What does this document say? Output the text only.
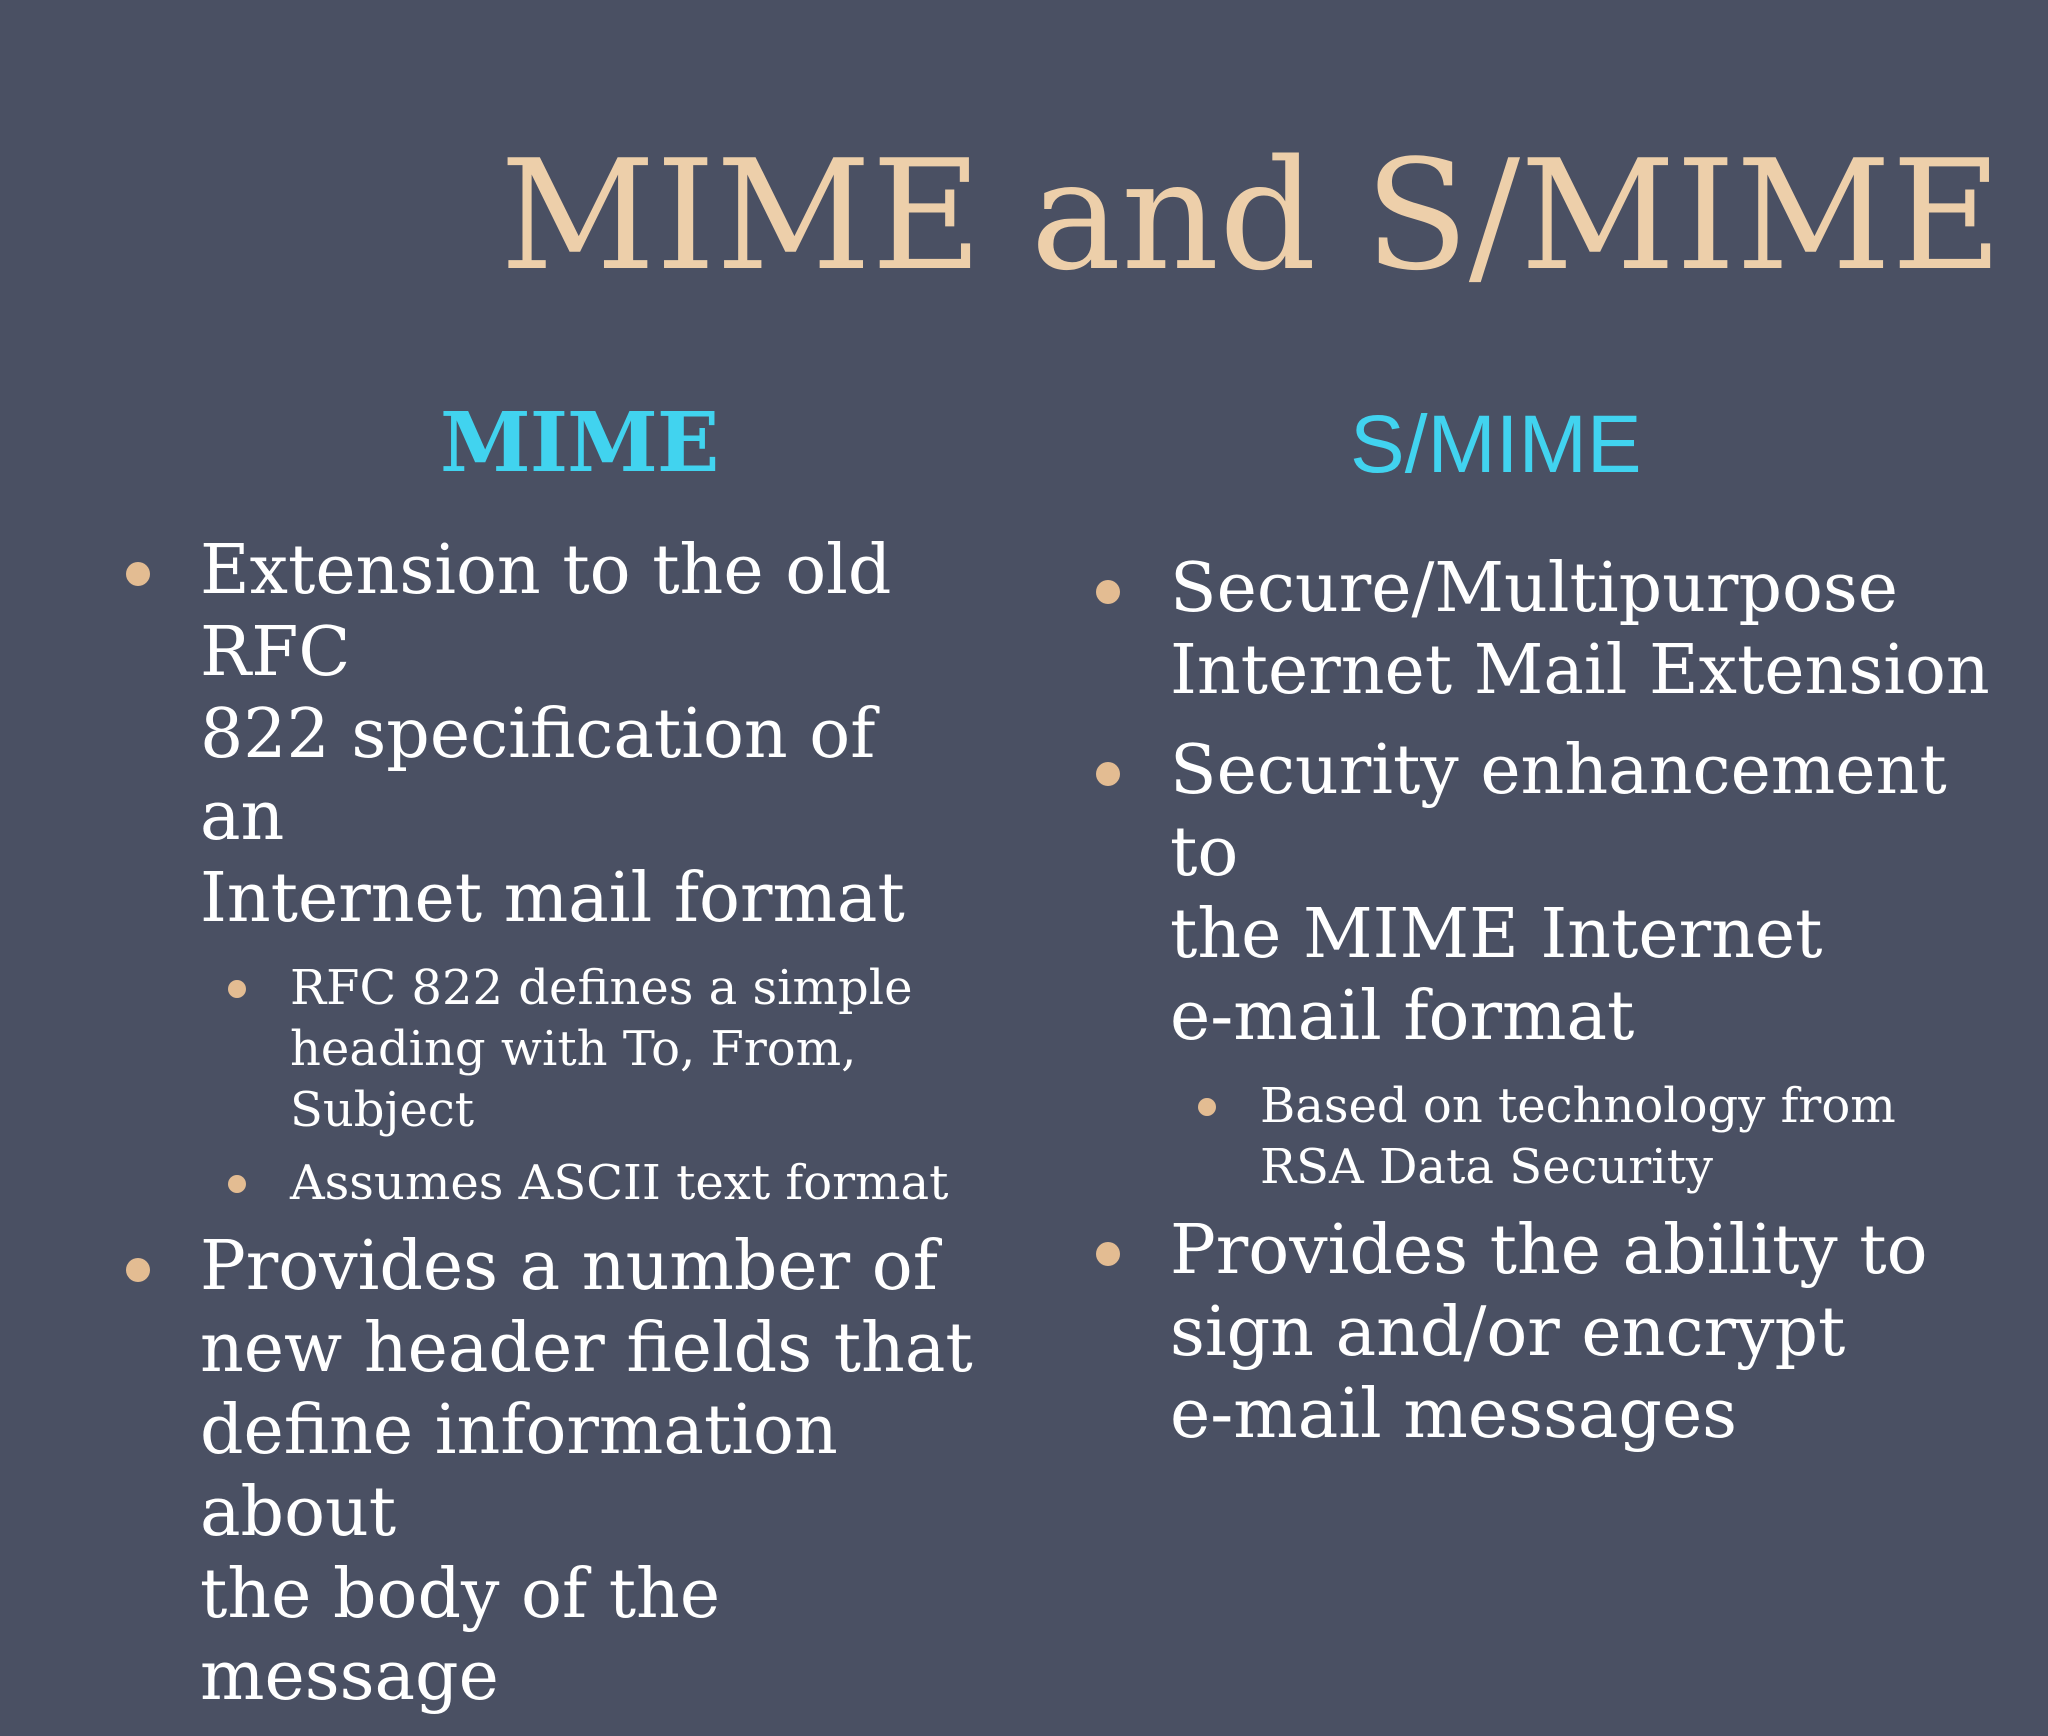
MIME and S/MIME
MIME	S/MIME
Extension to the old RFC
822 specification of an
Internet mail format
RFC 822 defines a simple
heading with To, From,
Subject
Assumes ASCII text format
Provides a number of
new header fields that
define information about
the body of the message
Secure/Multipurpose
Internet Mail Extension
Security enhancement to
the MIME Internet
e-mail format
Based on technology from
RSA Data Security
Provides the ability to
sign and/or encrypt
e-mail messages
